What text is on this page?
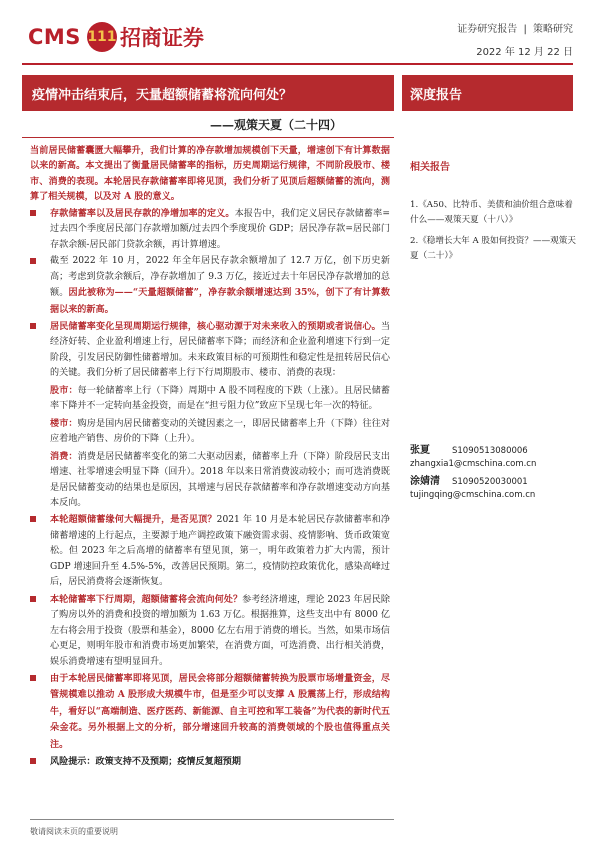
CMS 111 招商证券	证券研究报告 | 策略研究
2022 年 12 月 22 日
疫情冲击结束后，天量超额储蓄将流向何处？	深度报告
——观策天夏（二十四）

当前居民储蓄囊匮大幅攀升，我们计算的净存款增加规模创下天量，增速创下有计算数据以来的新高。本文提出了衡量居民储蓄率的指标，历史周期运行规律，不同阶段股市、楼市、消费的表现。本轮居民存款储蓄率即将见顶，我们分析了见顶后超额储蓄的流向，测算了相关规模，以及对 A 股的意义。

存款储蓄率以及居民存款的净增加率的定义。本报告中，我们定义居民存款储蓄率=过去四个季度居民部门存款增加额/过去四个季度现价 GDP；居民净存款=居民部门存款余额-居民部门贷款余额，再计算增速。
截至 2022 年 10 月，2022 年全年居民存款余额增加了 12.7 万亿，创下历史新高；考虑到贷款余额后，净存款增加了 9.3 万亿，接近过去十年居民净存款增加的总额。因此被称为——“天量超额储蓄”，净存款余额增速达到 35%，创下了有计算数据以来的新高。
居民储蓄率变化呈现周期运行规律，核心驱动源于对未来收入的预期或者说信心。当经济好转、企业盈利增速上行，居民储蓄率下降；而经济和企业盈利增速下行到一定阶段，引发居民防御性储蓄增加。未来政策目标的可预期性和稳定性是扭转居民信心的关键。我们分析了居民储蓄率上行下行周期股市、楼市、消费的表现：
股市：每一轮储蓄率上行（下降）周期中 A 股不同程度的下跌（上涨）。且居民储蓄率下降并不一定转向基金投资，而是在“担亏阻力位”致应下呈现七年一次的特征。
楼市：购房是国内居民储蓄变动的关键因素之一，即居民储蓄率上升（下降）往往对应着地产销售、房价的下降（上升）。
消费：消费是居民储蓄率变化的第二大驱动因素，储蓄率上升（下降）阶段居民支出增速、社零增速会明显下降（回升）。2018 年以来日常消费波动较小；而可选消费既是居民储蓄变动的结果也是原因，其增速与居民存款储蓄率和净存款增速变动方向基本反向。
本轮超额储蓄缘何大幅提升，是否见顶？2021 年 10 月是本轮居民存款储蓄率和净储蓄增速的上行起点，主要源于地产调控政策下融资需求弱、疫情影响、货币政策宽松。但 2023 年之后高增的储蓄率有望见顶，第一，明年政策着力扩大内需，预计 GDP 增速回升至 4.5%-5%，改善居民预期。第二，疫情防控政策优化，感染高峰过后，居民消费将会逐渐恢复。
本轮储蓄率下行周期，超额储蓄将会流向何处？参考经济增速，理论 2023 年居民除了购房以外的消费和投资的增加额为 1.63 万亿。根据推算，这些支出中有 8000 亿左右将会用于投资（股票和基金），8000 亿左右用于消费的增长。当然，如果市场信心更足，则明年股市和消费市场更加繁荣，在消费方面，可选消费、出行相关消费，娱乐消费增速有望明显回升。
由于本轮居民储蓄率即将见顶，居民会将部分超额储蓄转换为股票市场增量资金，尽管规模难以推动 A 股形成大规模牛市，但是至少可以支撑 A 股震荡上行，形成结构牛，看好以“高端制造、医疗医药、新能源、自主可控和军工装备”为代表的新时代五朵金花。另外根据上文的分析，部分增速回升较高的消费领域的个股也值得重点关注。
风险提示：政策支持不及预期；疫情反复超预期
敬请阅读末页的重要说明
相关报告
1.《A50、比特币、美债和油价组合意味着什么——观策天夏（十八）》
2.《稳增长大年 A 股如何投资？——观策天夏（二十）》
张夏	S1090513080006
zhangxia1@cmschina.com.cn
涂婧清	S1090520030001
tujingqing@cmschina.com.cn
